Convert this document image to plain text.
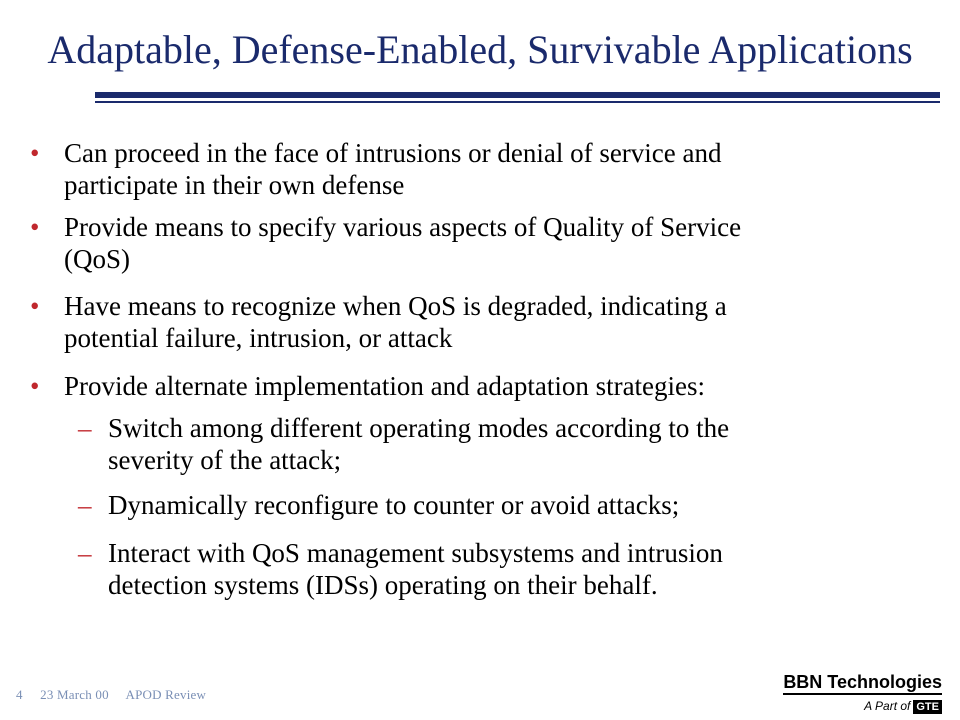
Adaptable, Defense-Enabled, Survivable Applications
• Can proceed in the face of intrusions or denial of service and
participate in their own defense
• Provide means to specify various aspects of Quality of Service
(QoS)
• Have means to recognize when QoS is degraded, indicating a
potential failure, intrusion, or attack
• Provide alternate implementation and adaptation strategies:
– Switch among different operating modes according to the
severity of the attack;
– Dynamically reconfigure to counter or avoid attacks;
– Interact with QoS management subsystems and intrusion
detection systems (IDSs) operating on their behalf.
4 23 March 00 APOD Review
BBN Technologies
A Part of GTE
